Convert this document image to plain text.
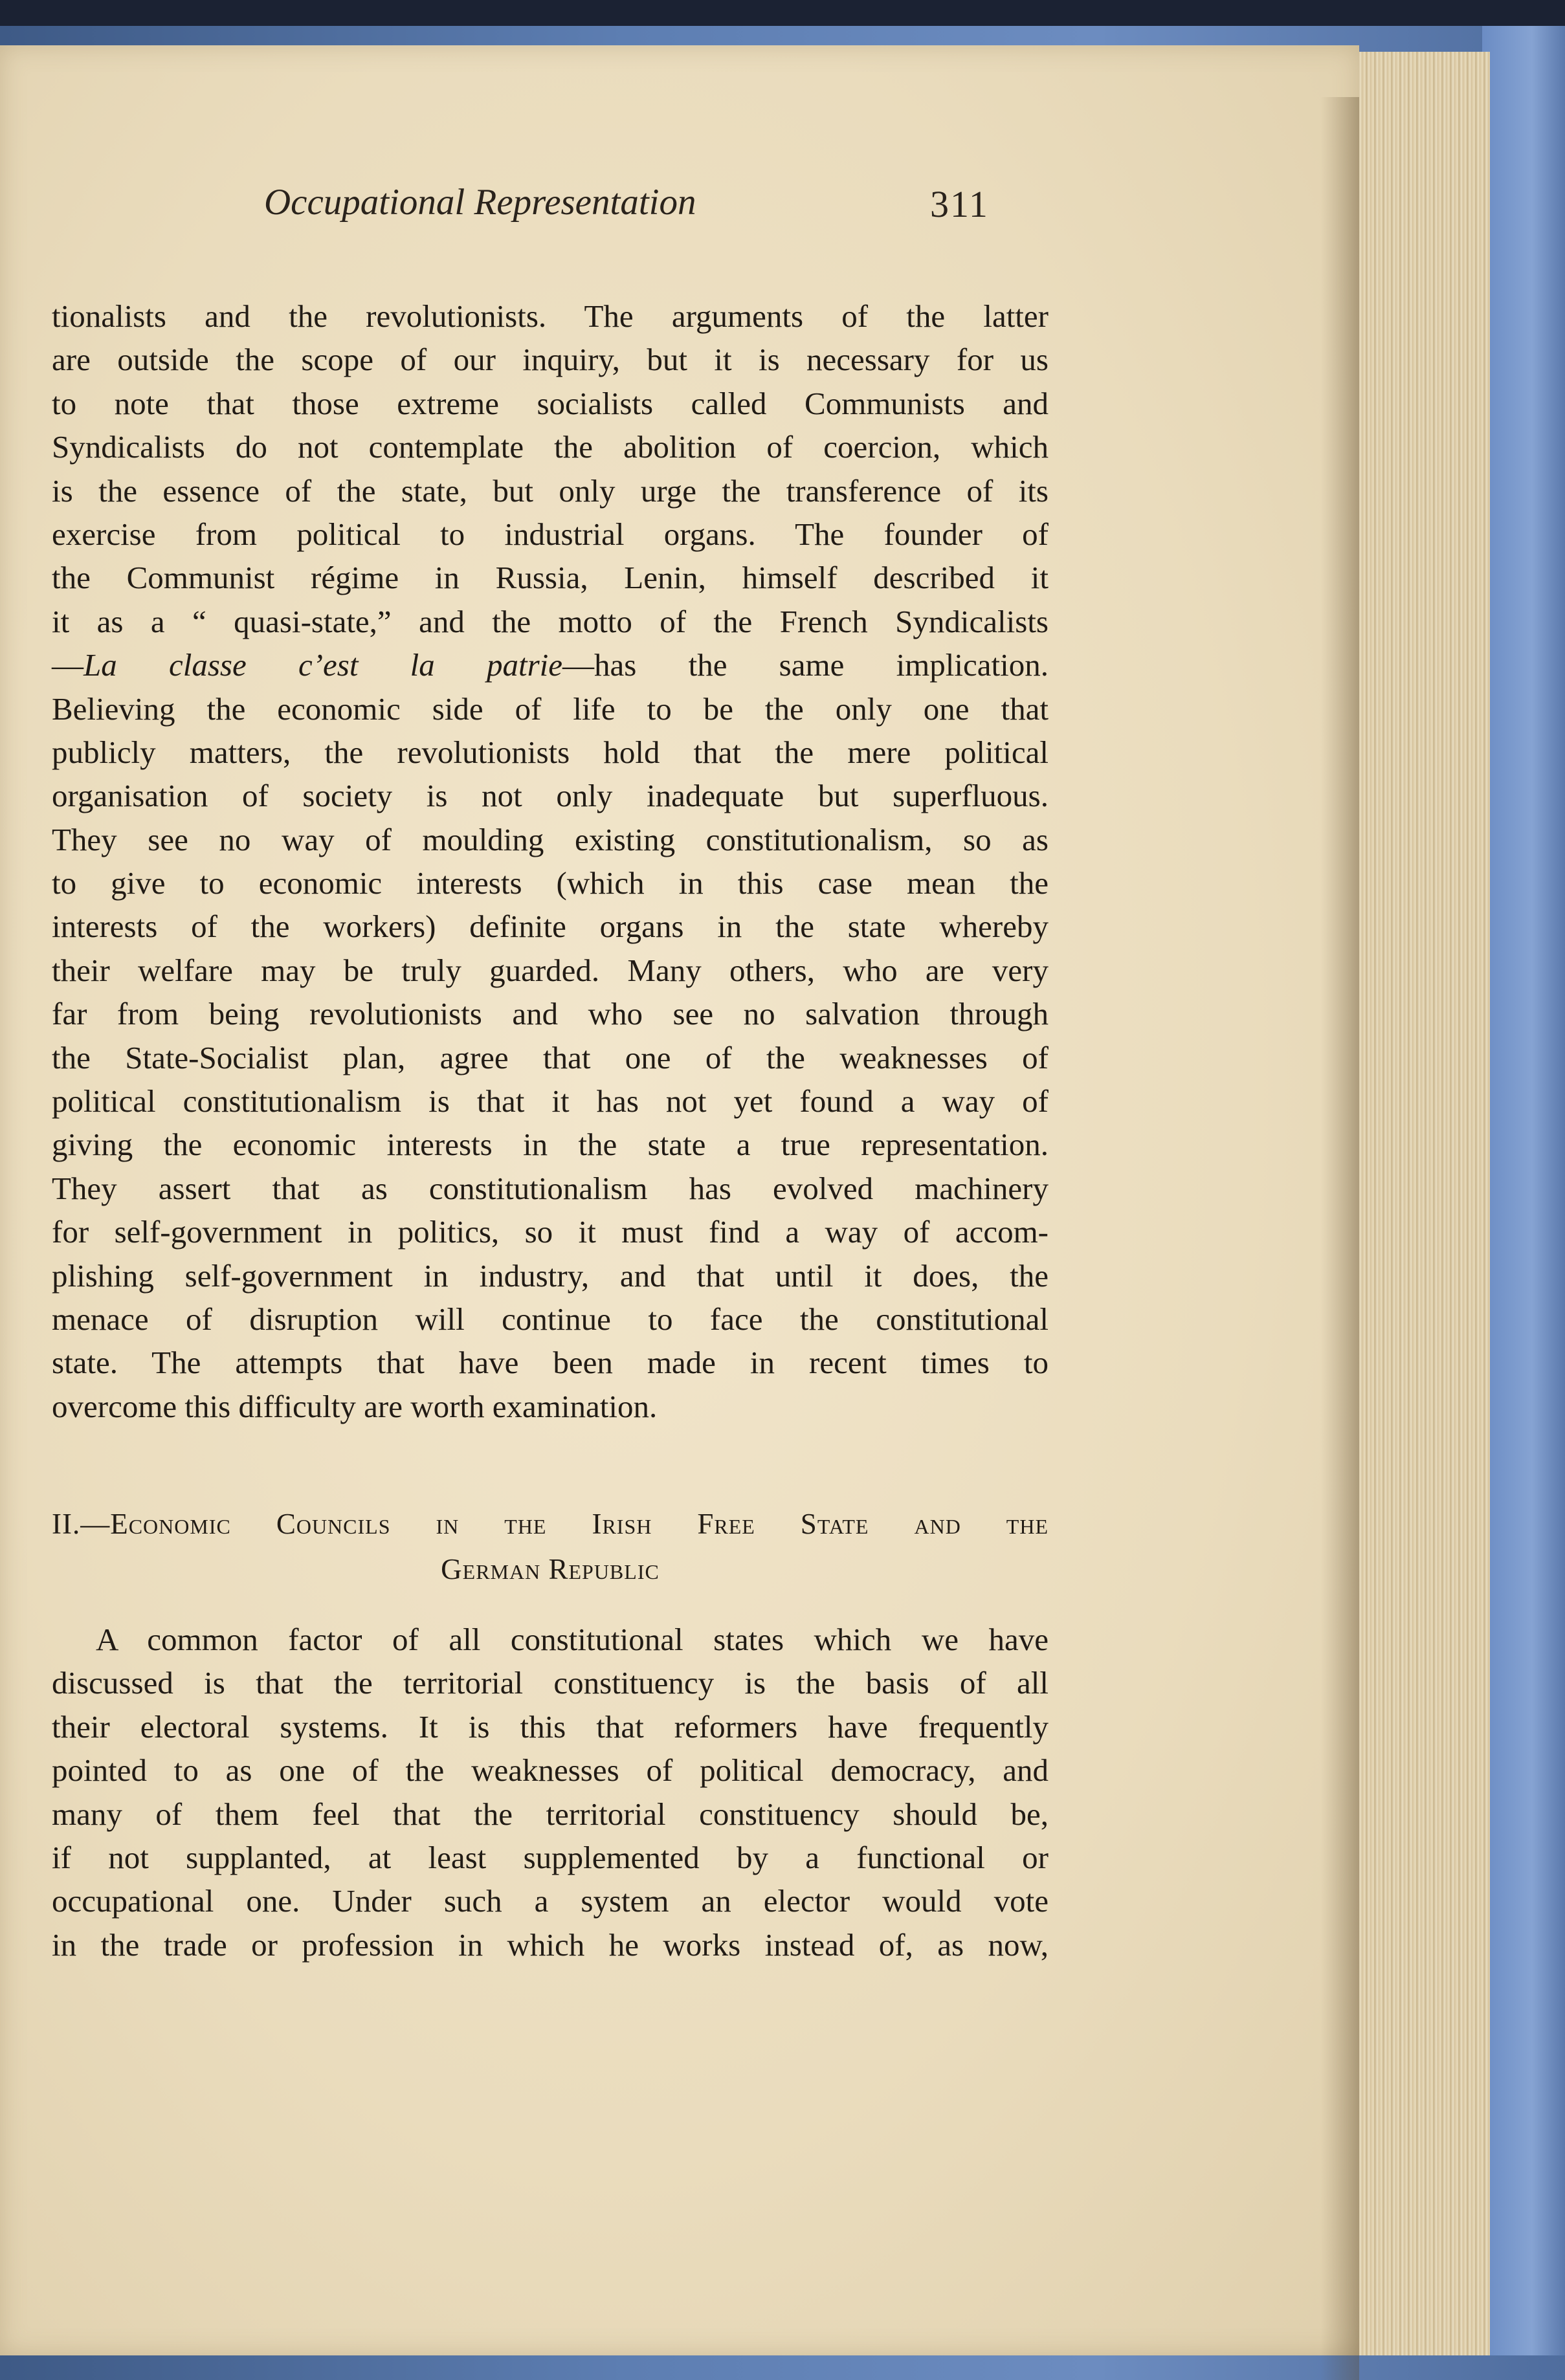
Occupational Representation	311
tionalists and the revolutionists. The arguments of the latter
are outside the scope of our inquiry, but it is necessary for us
to note that those extreme socialists called Communists and
Syndicalists do not contemplate the abolition of coercion, which
is the essence of the state, but only urge the transference of its
exercise from political to industrial organs. The founder of
the Communist régime in Russia, Lenin, himself described it
it as a “ quasi-state,” and the motto of the French Syndicalists
—La classe c’est la patrie—has the same implication.
Believing the economic side of life to be the only one that
publicly matters, the revolutionists hold that the mere political
organisation of society is not only inadequate but superfluous.
They see no way of moulding existing constitutionalism, so as
to give to economic interests (which in this case mean the
interests of the workers) definite organs in the state whereby
their welfare may be truly guarded. Many others, who are very
far from being revolutionists and who see no salvation through
the State-Socialist plan, agree that one of the weaknesses of
political constitutionalism is that it has not yet found a way of
giving the economic interests in the state a true representation.
They assert that as constitutionalism has evolved machinery
for self-government in politics, so it must find a way of accom-
plishing self-government in industry, and that until it does, the
menace of disruption will continue to face the constitutional
state. The attempts that have been made in recent times to
overcome this difficulty are worth examination.
II.—Economic Councils in the Irish Free State and the
German Republic
A common factor of all constitutional states which we have
discussed is that the territorial constituency is the basis of all
their electoral systems. It is this that reformers have frequently
pointed to as one of the weaknesses of political democracy, and
many of them feel that the territorial constituency should be,
if not supplanted, at least supplemented by a functional or
occupational one. Under such a system an elector would vote
in the trade or profession in which he works instead of, as now,
